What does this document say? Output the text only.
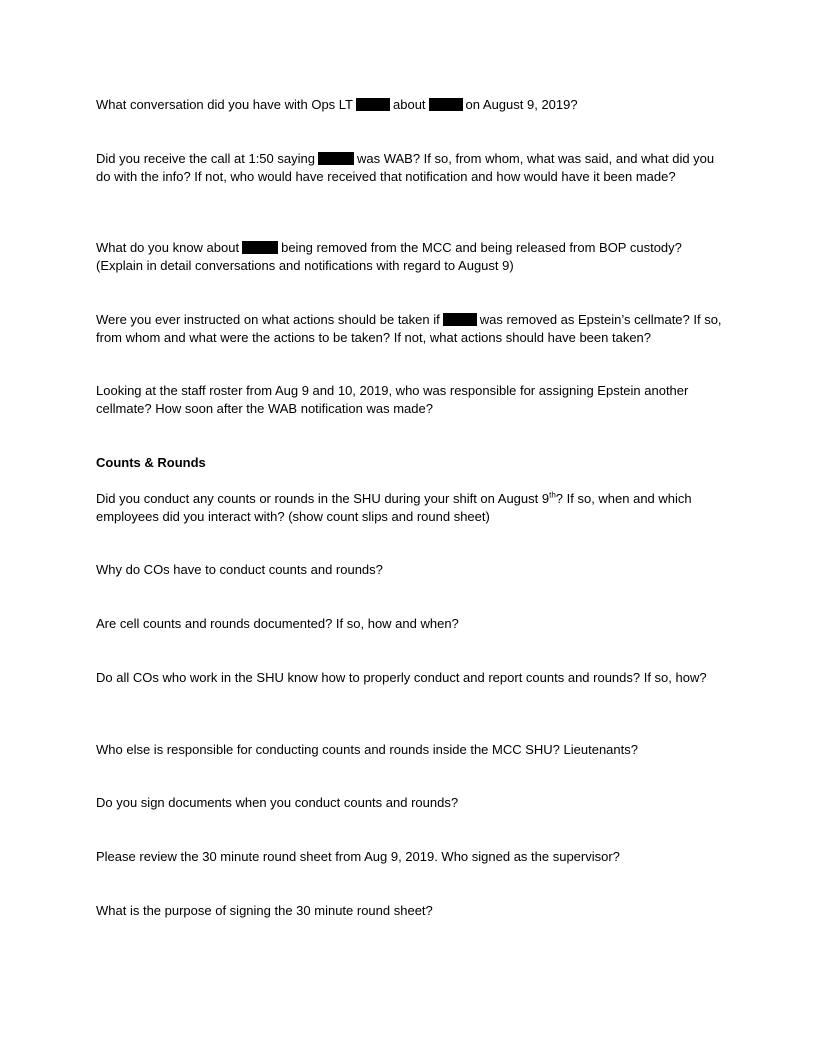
What conversation did you have with Ops LT	about	on August 9, 2019?

Did you receive the call at 1:50 saying	was WAB? If so, from whom, what was said, and what did you do with the info? If not, who would have received that notification and how would have it been made?

What do you know about	being removed from the MCC and being released from BOP custody? (Explain in detail conversations and notifications with regard to August 9)

Were you ever instructed on what actions should be taken if	was removed as Epstein’s cellmate? If so, from whom and what were the actions to be taken? If not, what actions should have been taken?

Looking at the staff roster from Aug 9 and 10, 2019, who was responsible for assigning Epstein another cellmate? How soon after the WAB notification was made?

Counts & Rounds

Did you conduct any counts or rounds in the SHU during your shift on August 9th? If so, when and which employees did you interact with? (show count slips and round sheet)

Why do COs have to conduct counts and rounds?

Are cell counts and rounds documented? If so, how and when?

Do all COs who work in the SHU know how to properly conduct and report counts and rounds? If so, how?

Who else is responsible for conducting counts and rounds inside the MCC SHU? Lieutenants?

Do you sign documents when you conduct counts and rounds?

Please review the 30 minute round sheet from Aug 9, 2019. Who signed as the supervisor?

What is the purpose of signing the 30 minute round sheet?
